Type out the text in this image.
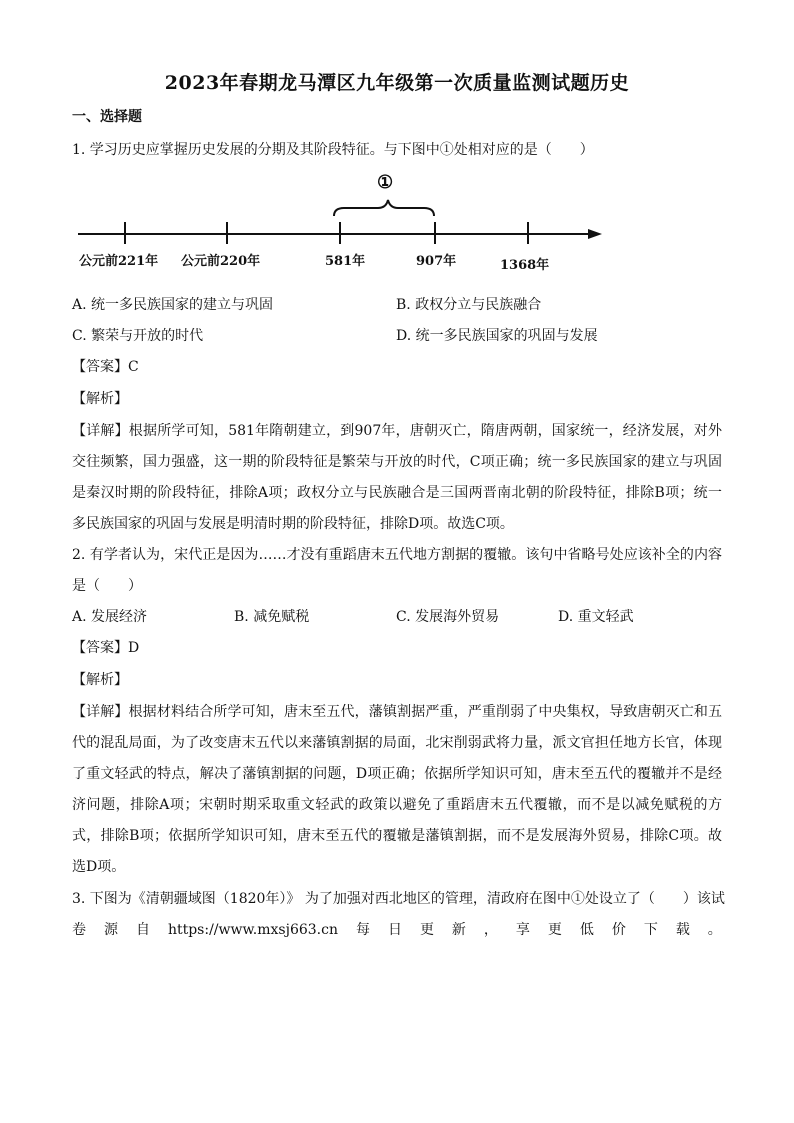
2023年春期龙马潭区九年级第一次质量监测试题历史
一、选择题
1. 学习历史应掌握历史发展的分期及其阶段特征。与下图中①处相对应的是（　　）
①
公元前221年 公元前220年	581年	907年	1368年
A. 统一多民族国家的建立与巩固	B. 政权分立与民族融合
C. 繁荣与开放的时代	D. 统一多民族国家的巩固与发展
【答案】C
【解析】
【详解】根据所学可知，581年隋朝建立，到907年，唐朝灭亡，隋唐两朝，国家统一，经济发展，对外
交往频繁，国力强盛，这一期的阶段特征是繁荣与开放的时代，C项正确；统一多民族国家的建立与巩固
是秦汉时期的阶段特征，排除A项；政权分立与民族融合是三国两晋南北朝的阶段特征，排除B项；统一
多民族国家的巩固与发展是明清时期的阶段特征，排除D项。故选C项。
2. 有学者认为，宋代正是因为……才没有重蹈唐末五代地方割据的覆辙。该句中省略号处应该补全的内容
是（　　）
A. 发展经济	B. 减免赋税	C. 发展海外贸易	D. 重文轻武
【答案】D
【解析】
【详解】根据材料结合所学可知，唐末至五代，藩镇割据严重，严重削弱了中央集权，导致唐朝灭亡和五
代的混乱局面，为了改变唐末五代以来藩镇割据的局面，北宋削弱武将力量，派文官担任地方长官，体现
了重文轻武的特点，解决了藩镇割据的问题，D项正确；依据所学知识可知，唐末至五代的覆辙并不是经
济问题，排除A项；宋朝时期采取重文轻武的政策以避免了重蹈唐末五代覆辙，而不是以减免赋税的方
式，排除B项；依据所学知识可知，唐末至五代的覆辙是藩镇割据，而不是发展海外贸易，排除C项。故
选D项。
3. 下图为《清朝疆域图（1820年）》 为了加强对西北地区的管理，清政府在图中①处设立了（　　）该试
卷 源 自 https://www.mxsj663.cn 每 日 更 新 ， 享 更 低 价 下 载 。
